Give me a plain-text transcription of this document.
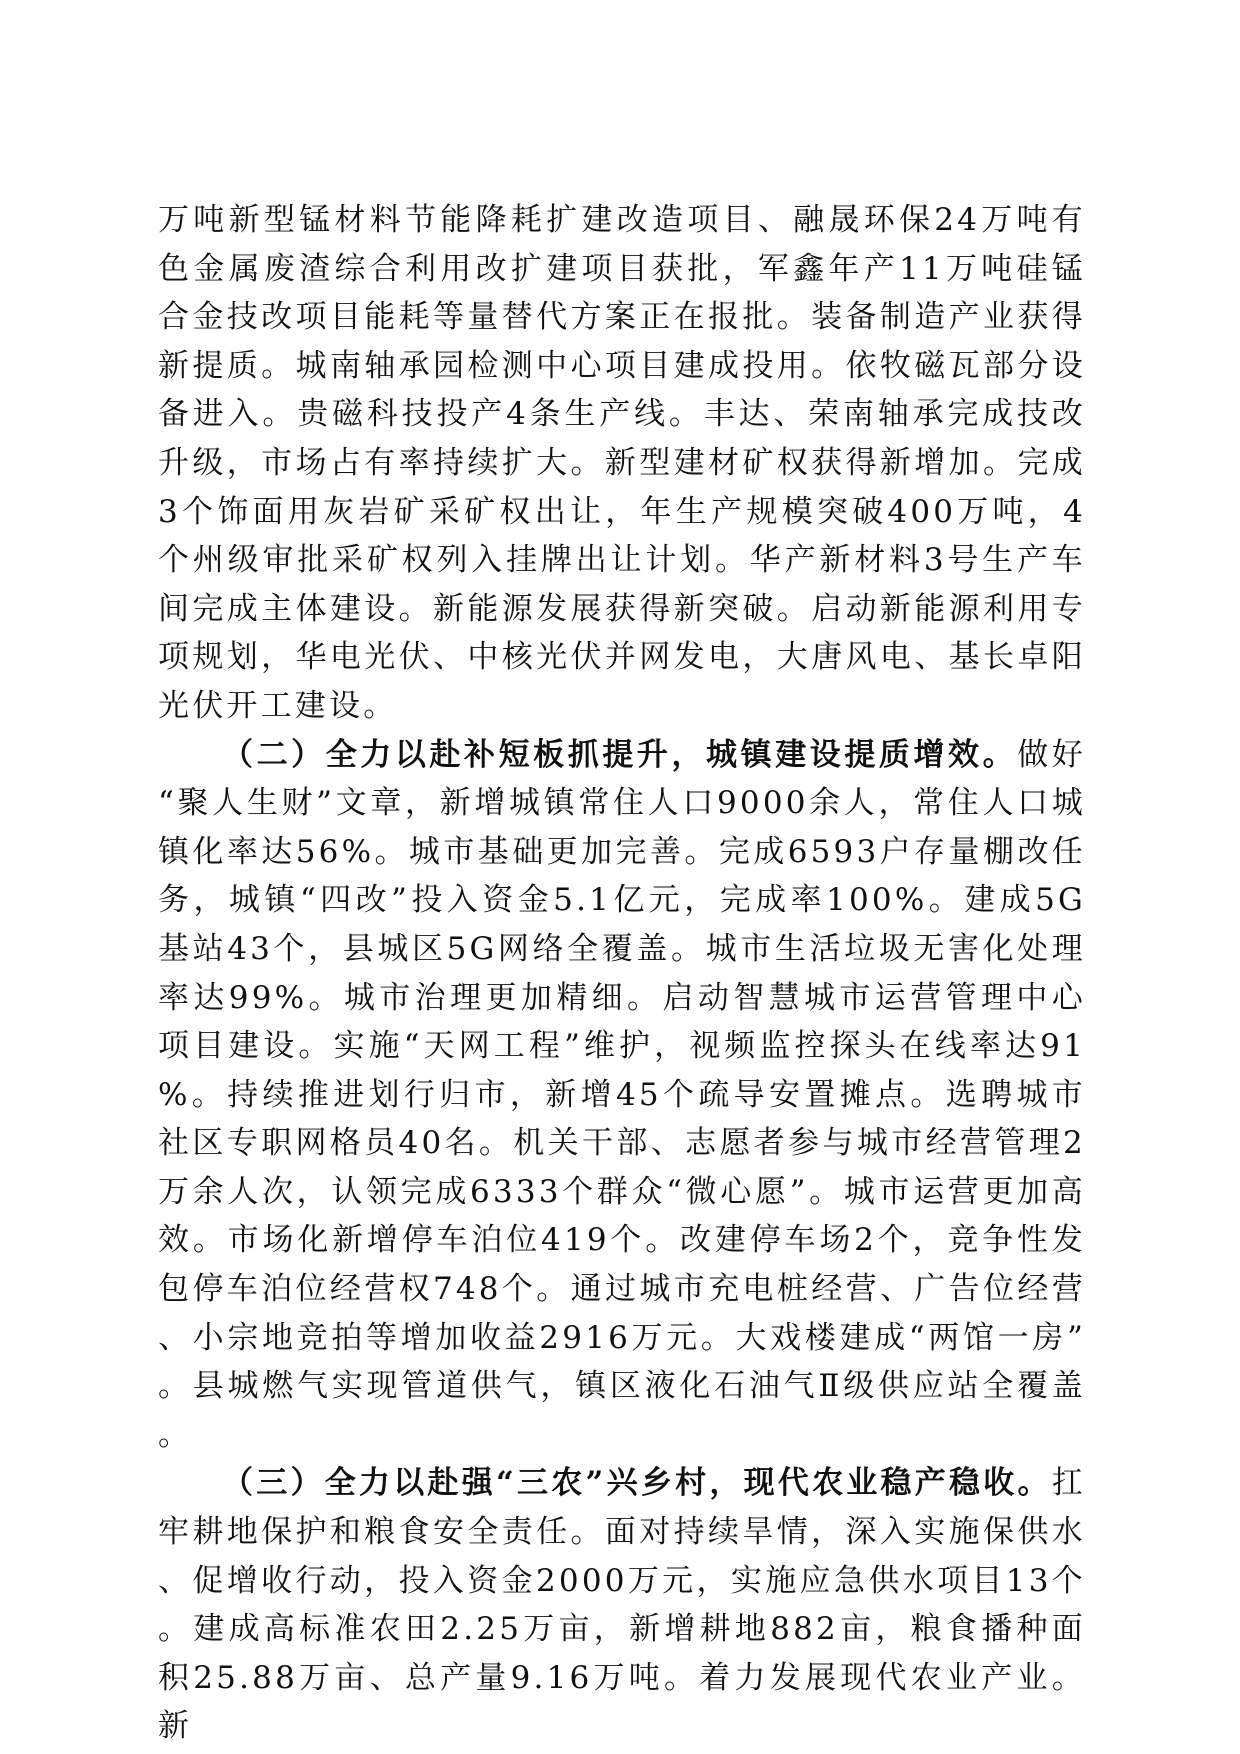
万吨新型锰材料节能降耗扩建改造项目、融晟环保24万吨有色金属废渣综合利用改扩建项目获批，军鑫年产11万吨硅锰合金技改项目能耗等量替代方案正在报批。装备制造产业获得新提质。城南轴承园检测中心项目建成投用。依牧磁瓦部分设备进入。贵磁科技投产4条生产线。丰达、荣南轴承完成技改升级，市场占有率持续扩大。新型建材矿权获得新增加。完成3个饰面用灰岩矿采矿权出让，年生产规模突破400万吨，4个州级审批采矿权列入挂牌出让计划。华产新材料3号生产车间完成主体建设。新能源发展获得新突破。启动新能源利用专项规划，华电光伏、中核光伏并网发电，大唐风电、基长卓阳光伏开工建设。

（二）全力以赴补短板抓提升，城镇建设提质增效。做好“聚人生财”文章，新增城镇常住人口9000余人，常住人口城镇化率达56%。城市基础更加完善。完成6593户存量棚改任务，城镇“四改”投入资金5.1亿元，完成率100%。建成5G基站43个，县城区5G网络全覆盖。城市生活垃圾无害化处理率达99%。城市治理更加精细。启动智慧城市运营管理中心项目建设。实施“天网工程”维护，视频监控探头在线率达91%。持续推进划行归市，新增45个疏导安置摊点。选聘城市社区专职网格员40名。机关干部、志愿者参与城市经营管理2万余人次，认领完成6333个群众“微心愿”。城市运营更加高效。市场化新增停车泊位419个。改建停车场2个，竞争性发包停车泊位经营权748个。通过城市充电桩经营、广告位经营、小宗地竞拍等增加收益2916万元。大戏楼建成“两馆一房”。县城燃气实现管道供气，镇区液化石油气Ⅱ级供应站全覆盖。

（三）全力以赴强“三农”兴乡村，现代农业稳产稳收。扛牢耕地保护和粮食安全责任。面对持续旱情，深入实施保供水、促增收行动，投入资金2000万元，实施应急供水项目13个。建成高标准农田2.25万亩，新增耕地882亩，粮食播种面积25.88万亩、总产量9.16万吨。着力发展现代农业产业。新
